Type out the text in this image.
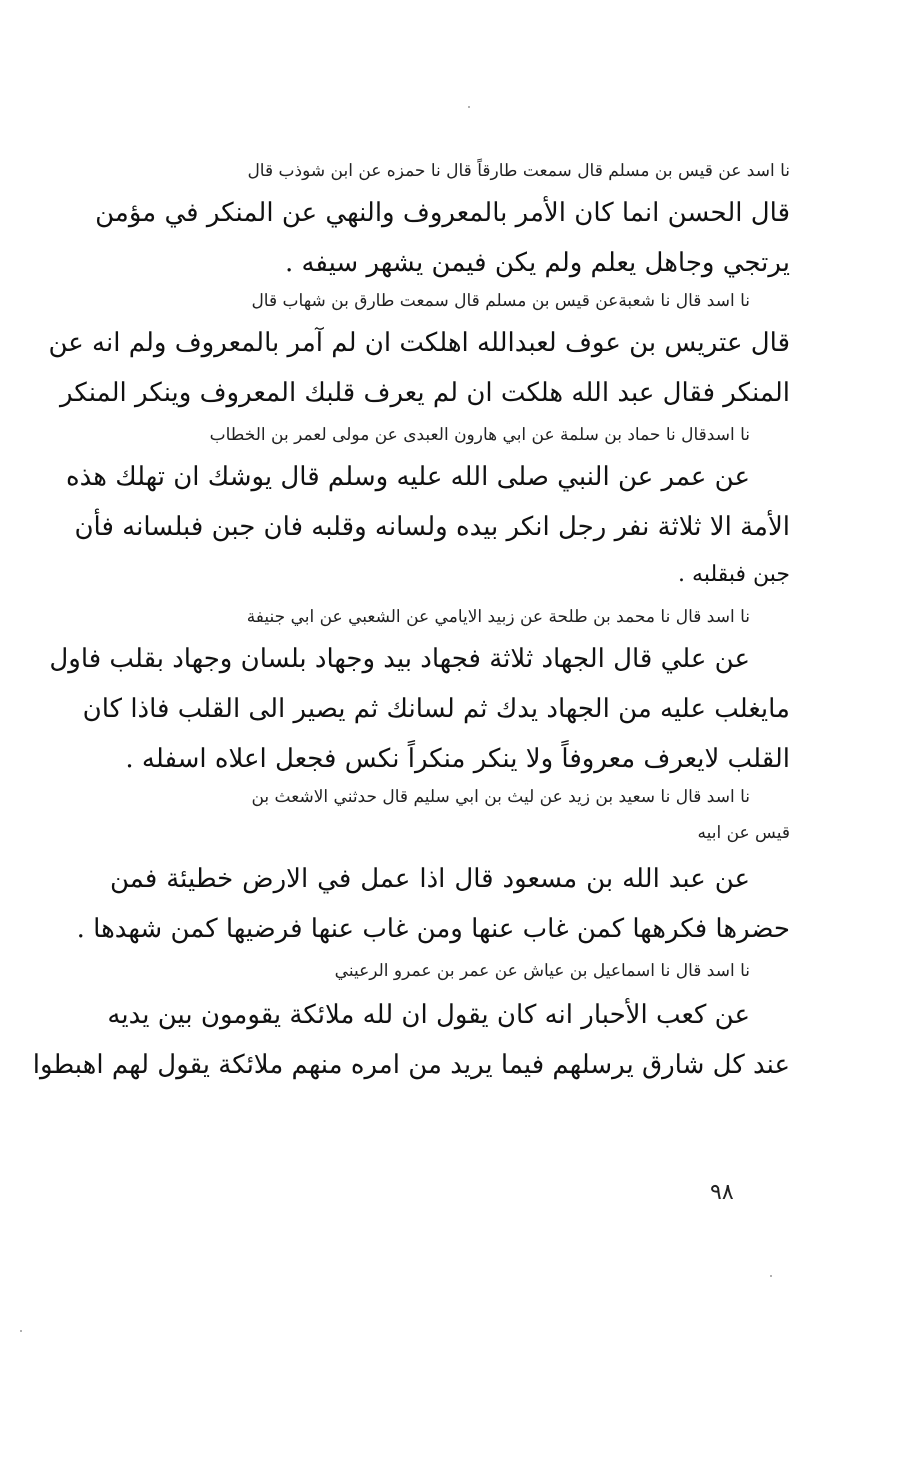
نا اسد عن قيس بن مسلم قال سمعت طارقاً قال نا حمزه عن ابن شوذب قال
قال الحسن انما كان الأمر بالمعروف والنهي عن المنكر في مؤمن
يرتجي وجاهل يعلم ولم يكن فيمن يشهر سيفه .
نا اسد قال نا شعبةعن قيس بن مسلم قال سمعت طارق بن شهاب قال
قال عتريس بن عوف لعبدالله اهلكت ان لم آمر بالمعروف ولم انه عن
المنكر فقال عبد الله هلكت ان لم يعرف قلبك المعروف وينكر المنكر
نا اسدقال نا حماد بن سلمة عن ابي هارون العبدى عن مولى لعمر بن الخطاب
عن عمر عن النبي صلى الله عليه وسلم قال يوشك ان تهلك هذه
الأمة الا ثلاثة نفر رجل انكر بيده ولسانه وقلبه فان جبن فبلسانه فأن
جبن فبقلبه .
نا اسد قال نا محمد بن طلحة عن زبيد الايامي عن الشعبي عن ابي جنيفة
عن علي قال الجهاد ثلاثة فجهاد بيد وجهاد بلسان وجهاد بقلب فاول
مايغلب عليه من الجهاد يدك ثم لسانك ثم يصير الى القلب فاذا كان
القلب لايعرف معروفاً ولا ينكر منكراً نكس فجعل اعلاه اسفله .
نا اسد قال نا سعيد بن زيد عن ليث بن ابي سليم قال حدثني الاشعث بن
قيس عن ابيه
عن عبد الله بن مسعود قال اذا عمل في الارض خطيئة فمن
حضرها فكرهها كمن غاب عنها ومن غاب عنها فرضيها كمن شهدها .
نا اسد قال نا اسماعيل بن عياش عن عمر بن عمرو الرعيني
عن كعب الأحبار انه كان يقول ان لله ملائكة يقومون بين يديه
عند كل شارق يرسلهم فيما يريد من امره منهم ملائكة يقول لهم اهبطوا
٩٨
